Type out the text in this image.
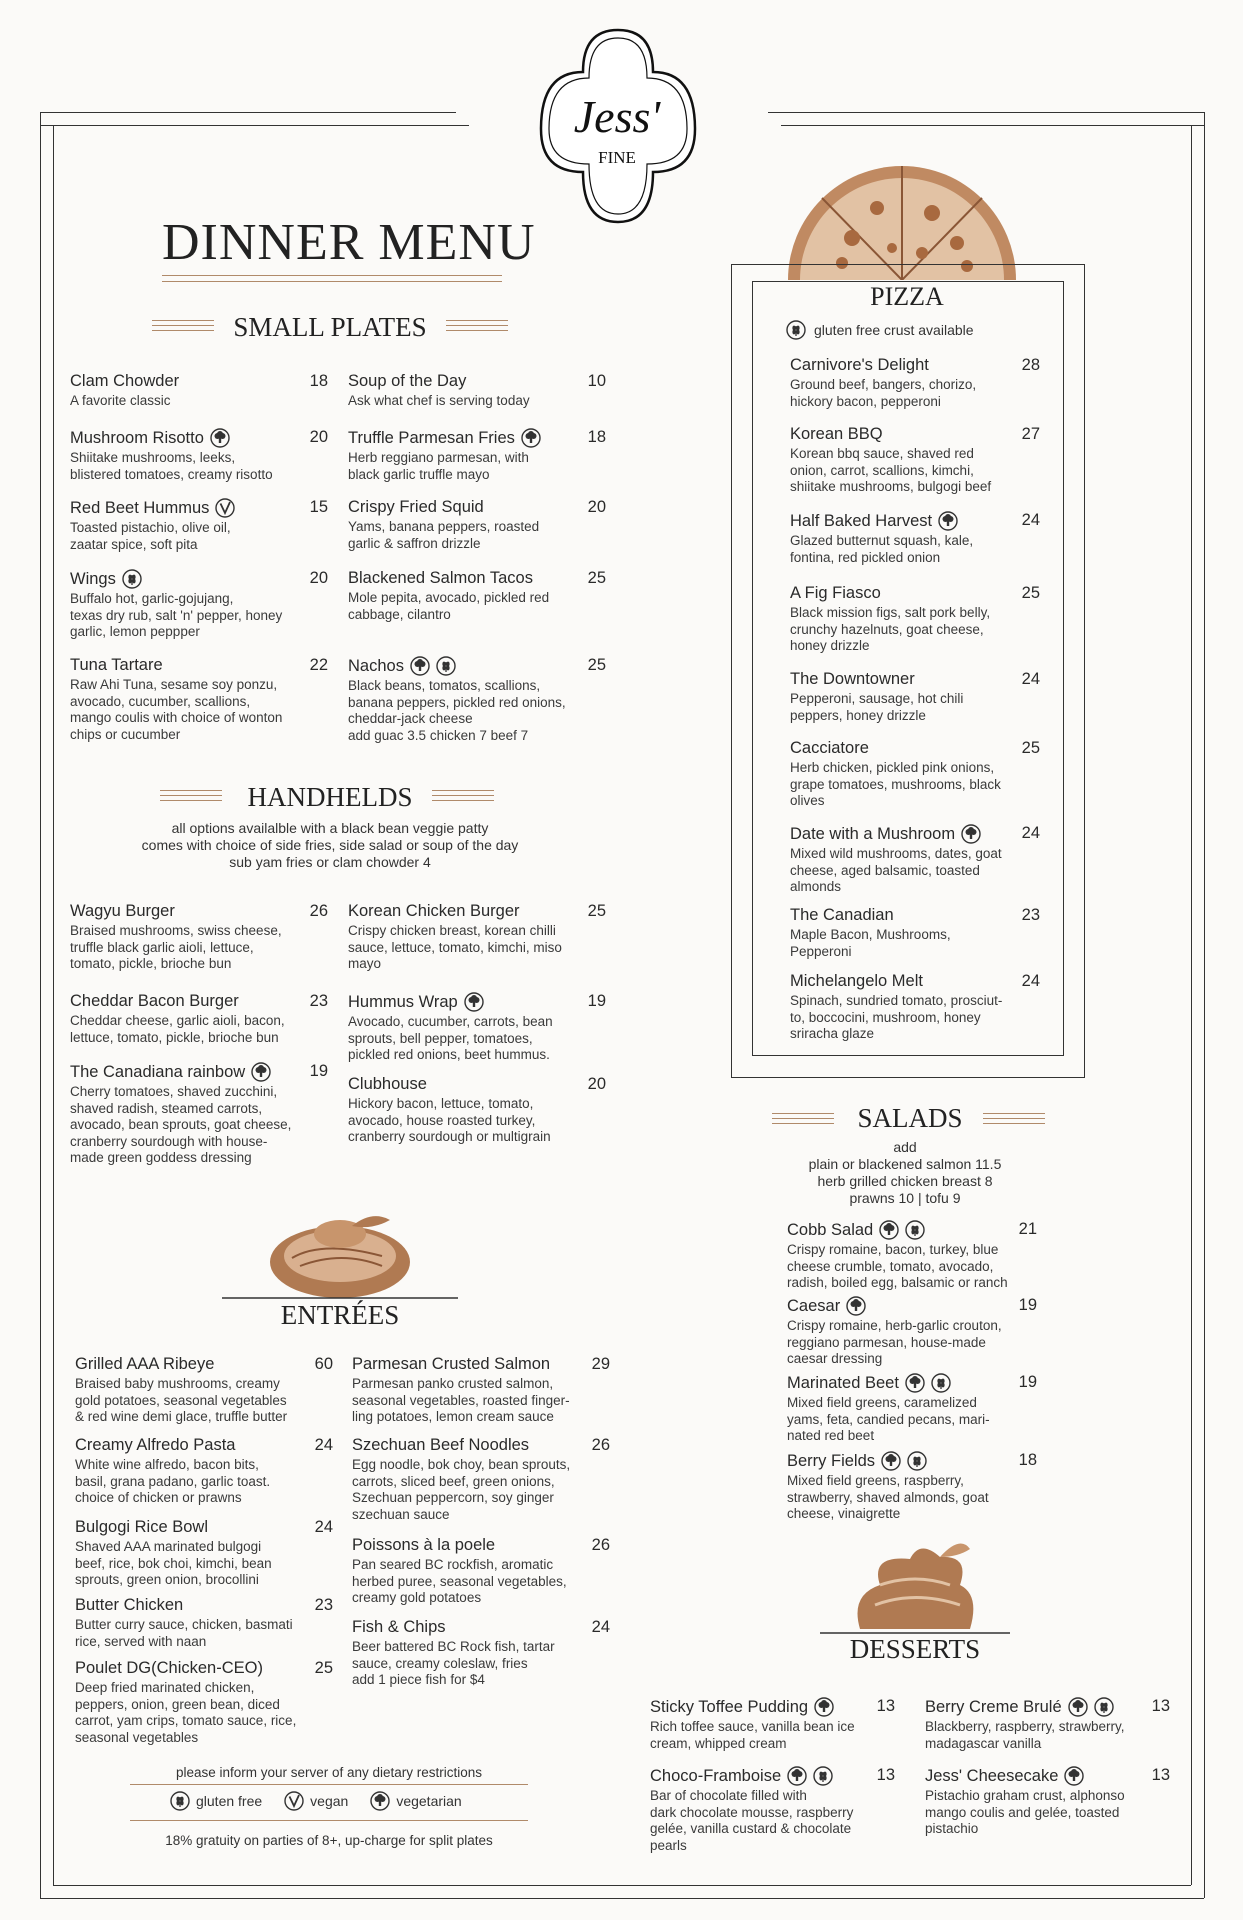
Jess'
FINE
DINNER MENU
SMALL PLATES
Clam Chowder	18
A favorite classic
Soup of the Day	10
Ask what chef is serving today
Mushroom Risotto	20
Shiitake mushrooms, leeks,
blistered tomatoes, creamy risotto
Truffle Parmesan Fries	18
Herb reggiano parmesan, with
black garlic truffle mayo
Red Beet Hummus	15
Toasted pistachio, olive oil,
zaatar spice, soft pita
Crispy Fried Squid	20
Yams, banana peppers, roasted
garlic & saffron drizzle
Wings	20
Buffalo hot, garlic-gojujang,
texas dry rub, salt 'n' pepper, honey
garlic, lemon peppper
Blackened Salmon Tacos	25
Mole pepita, avocado, pickled red
cabbage, cilantro
Tuna Tartare	22
Raw Ahi Tuna, sesame soy ponzu,
avocado, cucumber, scallions,
mango coulis with choice of wonton
chips or cucumber
Nachos	25
Black beans, tomatos, scallions,
banana peppers, pickled red onions,
cheddar-jack cheese
add guac 3.5 chicken 7 beef 7
HANDHELDS
all options availalble with a black bean veggie patty
comes with choice of side fries, side salad or soup of the day
sub yam fries or clam chowder 4
Wagyu Burger	26
Braised mushrooms, swiss cheese,
truffle black garlic aioli, lettuce,
tomato, pickle, brioche bun
Korean Chicken Burger	25
Crispy chicken breast, korean chilli
sauce, lettuce, tomato, kimchi, miso
mayo
Cheddar Bacon Burger	23
Cheddar cheese, garlic aioli, bacon,
lettuce, tomato, pickle, brioche bun
Hummus Wrap	19
Avocado, cucumber, carrots, bean
sprouts, bell pepper, tomatoes,
pickled red onions, beet hummus.
The Canadiana rainbow	19
Cherry tomatoes, shaved zucchini,
shaved radish, steamed carrots,
avocado, bean sprouts, goat cheese,
cranberry sourdough with house-
made green goddess dressing
Clubhouse	20
Hickory bacon, lettuce, tomato,
avocado, house roasted turkey,
cranberry sourdough or multigrain
ENTRÉES
Grilled AAA Ribeye	60
Braised baby mushrooms, creamy
gold potatoes, seasonal vegetables
& red wine demi glace, truffle butter
Parmesan Crusted Salmon	29
Parmesan panko crusted salmon,
seasonal vegetables, roasted finger-
ling potatoes, lemon cream sauce
Creamy Alfredo Pasta	24
White wine alfredo, bacon bits,
basil, grana padano, garlic toast.
choice of chicken or prawns
Szechuan Beef Noodles	26
Egg noodle, bok choy, bean sprouts,
carrots, sliced beef, green onions,
Szechuan peppercorn, soy ginger
szechuan sauce
Bulgogi Rice Bowl	24
Shaved AAA marinated bulgogi
beef, rice, bok choi, kimchi, bean
sprouts, green onion, brocollini
Poissons à la poele	26
Pan seared BC rockfish, aromatic
herbed puree, seasonal vegetables,
creamy gold potatoes
Butter Chicken	23
Butter curry sauce, chicken, basmati
rice, served with naan
Fish & Chips	24
Beer battered BC Rock fish, tartar
sauce, creamy coleslaw, fries
add 1 piece fish for $4
Poulet DG(Chicken-CEO)	25
Deep fried marinated chicken,
peppers, onion, green bean, diced
carrot, yam crips, tomato sauce, rice,
seasonal vegetables
please inform your server of any dietary restrictions
gluten free	vegan	vegetarian
18% gratuity on parties of 8+, up-charge for split plates
PIZZA
gluten free crust available
Carnivore's Delight	28
Ground beef, bangers, chorizo,
hickory bacon, pepperoni
Korean BBQ	27
Korean bbq sauce, shaved red
onion, carrot, scallions, kimchi,
shiitake mushrooms, bulgogi beef
Half Baked Harvest	24
Glazed butternut squash, kale,
fontina, red pickled onion
A Fig Fiasco	25
Black mission figs, salt pork belly,
crunchy hazelnuts, goat cheese,
honey drizzle
The Downtowner	24
Pepperoni, sausage, hot chili
peppers, honey drizzle
Cacciatore	25
Herb chicken, pickled pink onions,
grape tomatoes, mushrooms, black
olives
Date with a Mushroom	24
Mixed wild mushrooms, dates, goat
cheese, aged balsamic, toasted
almonds
The Canadian	23
Maple Bacon, Mushrooms,
Pepperoni
Michelangelo Melt	24
Spinach, sundried tomato, prosciut-
to, boccocini, mushroom, honey
sriracha glaze
SALADS
add
plain or blackened salmon 11.5
herb grilled chicken breast 8
prawns 10 | tofu 9
Cobb Salad	21
Crispy romaine, bacon, turkey, blue
cheese crumble, tomato, avocado,
radish, boiled egg, balsamic or ranch
Caesar	19
Crispy romaine, herb-garlic crouton,
reggiano parmesan, house-made
caesar dressing
Marinated Beet	19
Mixed field greens, caramelized
yams, feta, candied pecans, mari-
nated red beet
Berry Fields	18
Mixed field greens, raspberry,
strawberry, shaved almonds, goat
cheese, vinaigrette
DESSERTS
Sticky Toffee Pudding	13
Rich toffee sauce, vanilla bean ice
cream, whipped cream
Berry Creme Brulé	13
Blackberry, raspberry, strawberry,
madagascar vanilla
Choco-Framboise	13
Bar of chocolate filled with
dark chocolate mousse, raspberry
gelée, vanilla custard & chocolate
pearls
Jess' Cheesecake	13
Pistachio graham crust, alphonso
mango coulis and gelée, toasted
pistachio
